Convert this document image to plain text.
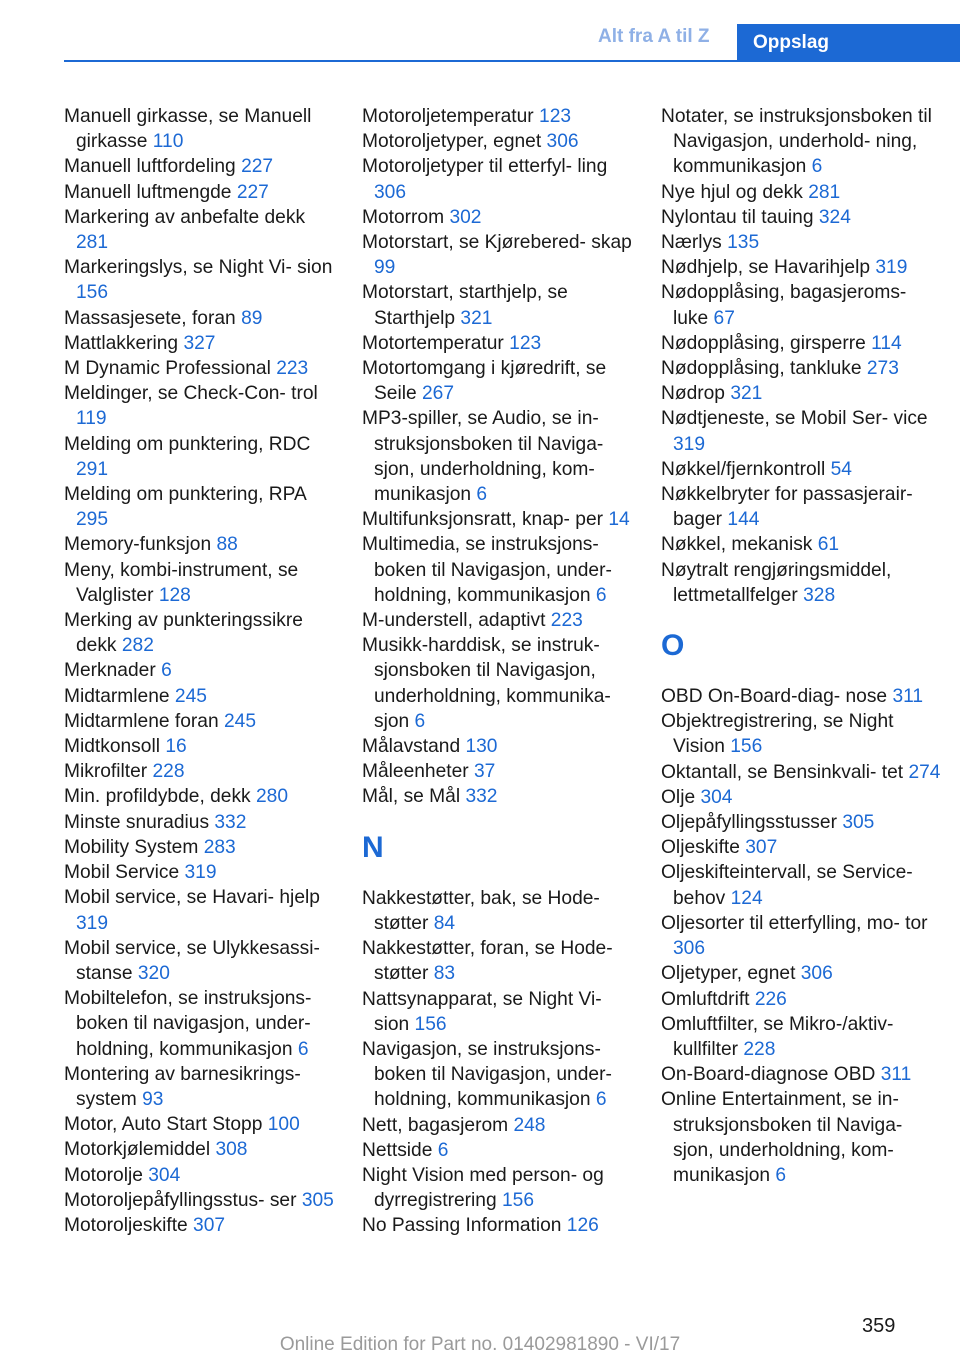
Alt fra A til Z	Oppslag
Manuell girkasse, se Manuell girkasse 110
Manuell luftfordeling 227
Manuell luftmengde 227
Markering av anbefalte dekk 281
Markeringslys, se Night Vi- sion 156
Massasjesete, foran 89
Mattlakkering 327
M Dynamic Professional 223
Meldinger, se Check-Con- trol 119
Melding om punktering, RDC 291
Melding om punktering, RPA 295
Memory-funksjon 88
Meny, kombi-instrument, se Valglister 128
Merking av punkteringssikre dekk 282
Merknader 6
Midtarmlene 245
Midtarmlene foran 245
Midtkonsoll 16
Mikrofilter 228
Min. profildybde, dekk 280
Minste snuradius 332
Mobility System 283
Mobil Service 319
Mobil service, se Havari- hjelp 319
Mobil service, se Ulykkesassi- stanse 320
Mobiltelefon, se instruksjons- boken til navigasjon, under- holdning, kommunikasjon 6
Montering av barnesikrings- system 93
Motor, Auto Start Stopp 100
Motorkjølemiddel 308
Motorolje 304
Motoroljepåfyllingsstus- ser 305
Motoroljeskifte 307
Motoroljetemperatur 123
Motoroljetyper, egnet 306
Motoroljetyper til etterfyl- ling 306
Motorrom 302
Motorstart, se Kjørebered- skap 99
Motorstart, starthjelp, se Starthjelp 321
Motortemperatur 123
Motortomgang i kjøredrift, se Seile 267
MP3-spiller, se Audio, se in- struksjonsboken til Naviga- sjon, underholdning, kom- munikasjon 6
Multifunksjonsratt, knap- per 14
Multimedia, se instruksjons- boken til Navigasjon, under- holdning, kommunikasjon 6
M-understell, adaptivt 223
Musikk-harddisk, se instruk- sjonsboken til Navigasjon, underholdning, kommunika- sjon 6
Målavstand 130
Måleenheter 37
Mål, se Mål 332
N
Nakkestøtter, bak, se Hode- støtter 84
Nakkestøtter, foran, se Hode- støtter 83
Nattsynapparat, se Night Vi- sion 156
Navigasjon, se instruksjons- boken til Navigasjon, under- holdning, kommunikasjon 6
Nett, bagasjerom 248
Nettside 6
Night Vision med person- og dyrregistrering 156
No Passing Information 126
Notater, se instruksjonsboken til Navigasjon, underhold- ning, kommunikasjon 6
Nye hjul og dekk 281
Nylontau til tauing 324
Nærlys 135
Nødhjelp, se Havarihjelp 319
Nødopplåsing, bagasjeroms- luke 67
Nødopplåsing, girsperre 114
Nødopplåsing, tankluke 273
Nødrop 321
Nødtjeneste, se Mobil Ser- vice 319
Nøkkel/fjernkontroll 54
Nøkkelbryter for passasjerair- bager 144
Nøkkel, mekanisk 61
Nøytralt rengjøringsmiddel, lettmetallfelger 328
O
OBD On-Board-diag- nose 311
Objektregistrering, se Night Vision 156
Oktantall, se Bensinkvali- tet 274
Olje 304
Oljepåfyllingsstusser 305
Oljeskifte 307
Oljeskifteintervall, se Service- behov 124
Oljesorter til etterfylling, mo- tor 306
Oljetyper, egnet 306
Omluftdrift 226
Omluftfilter, se Mikro-/aktiv- kullfilter 228
On-Board-diagnose OBD 311
Online Entertainment, se in- struksjonsboken til Naviga- sjon, underholdning, kom- munikasjon 6
359
Online Edition for Part no. 01402981890 - VI/17
